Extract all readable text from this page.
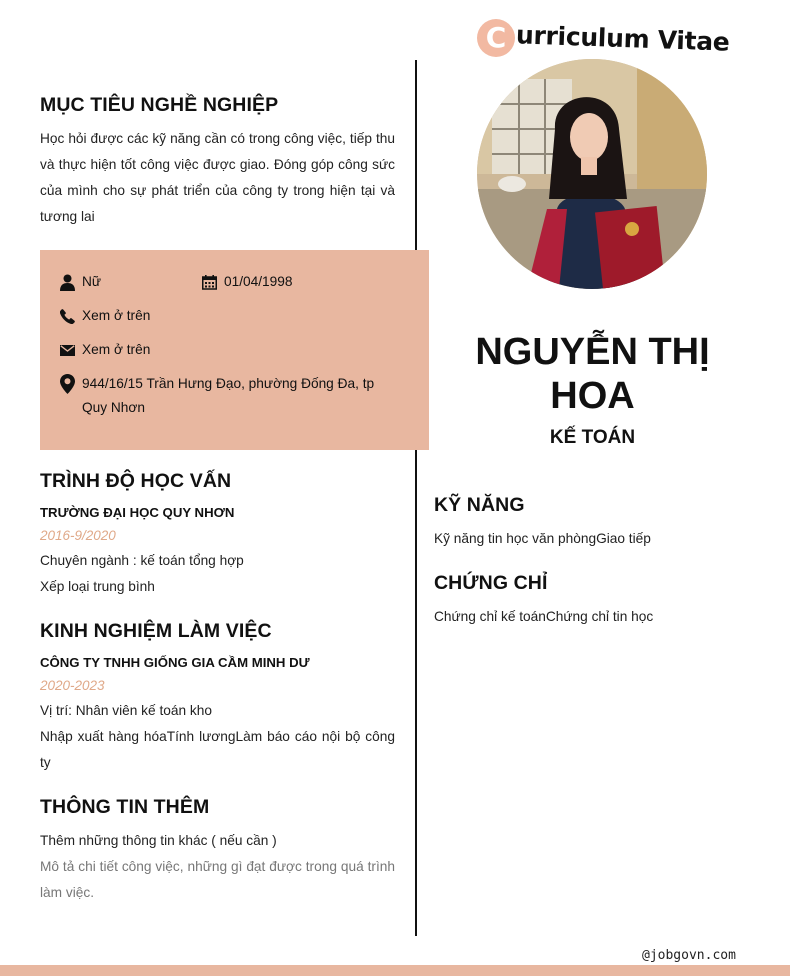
C urriculum Vitae
MỤC TIÊU NGHỀ NGHIỆP
Học hỏi được các kỹ năng cần có trong công việc, tiếp thu và thực hiện tốt công việc được giao. Đóng góp công sức của mình cho sự phát triển của công ty trong hiện tại và tương lai
Nữ	01/04/1998
Xem ở trên
Xem ở trên
944/16/15 Trần Hưng Đạo, phường Đống Đa, tp Quy Nhơn
TRÌNH ĐỘ HỌC VẤN
TRƯỜNG ĐẠI HỌC QUY NHƠN
2016-9/2020
Chuyên ngành : kế toán tổng hợp
Xếp loại trung bình
KINH NGHIỆM LÀM VIỆC
CÔNG TY TNHH GIỐNG GIA CẦM MINH DƯ
2020-2023
Vị trí: Nhân viên kế toán kho
Nhập xuất hàng hóaTính lươngLàm báo cáo nội bộ công ty
THÔNG TIN THÊM
Thêm những thông tin khác ( nếu cần )
Mô tả chi tiết công việc, những gì đạt được trong quá trình làm việc.
NGUYỄN THỊ HOA
KẾ TOÁN
KỸ NĂNG
Kỹ năng tin học văn phòngGiao tiếp
CHỨNG CHỈ
Chứng chỉ kế toánChứng chỉ tin học
@jobgovn.com
